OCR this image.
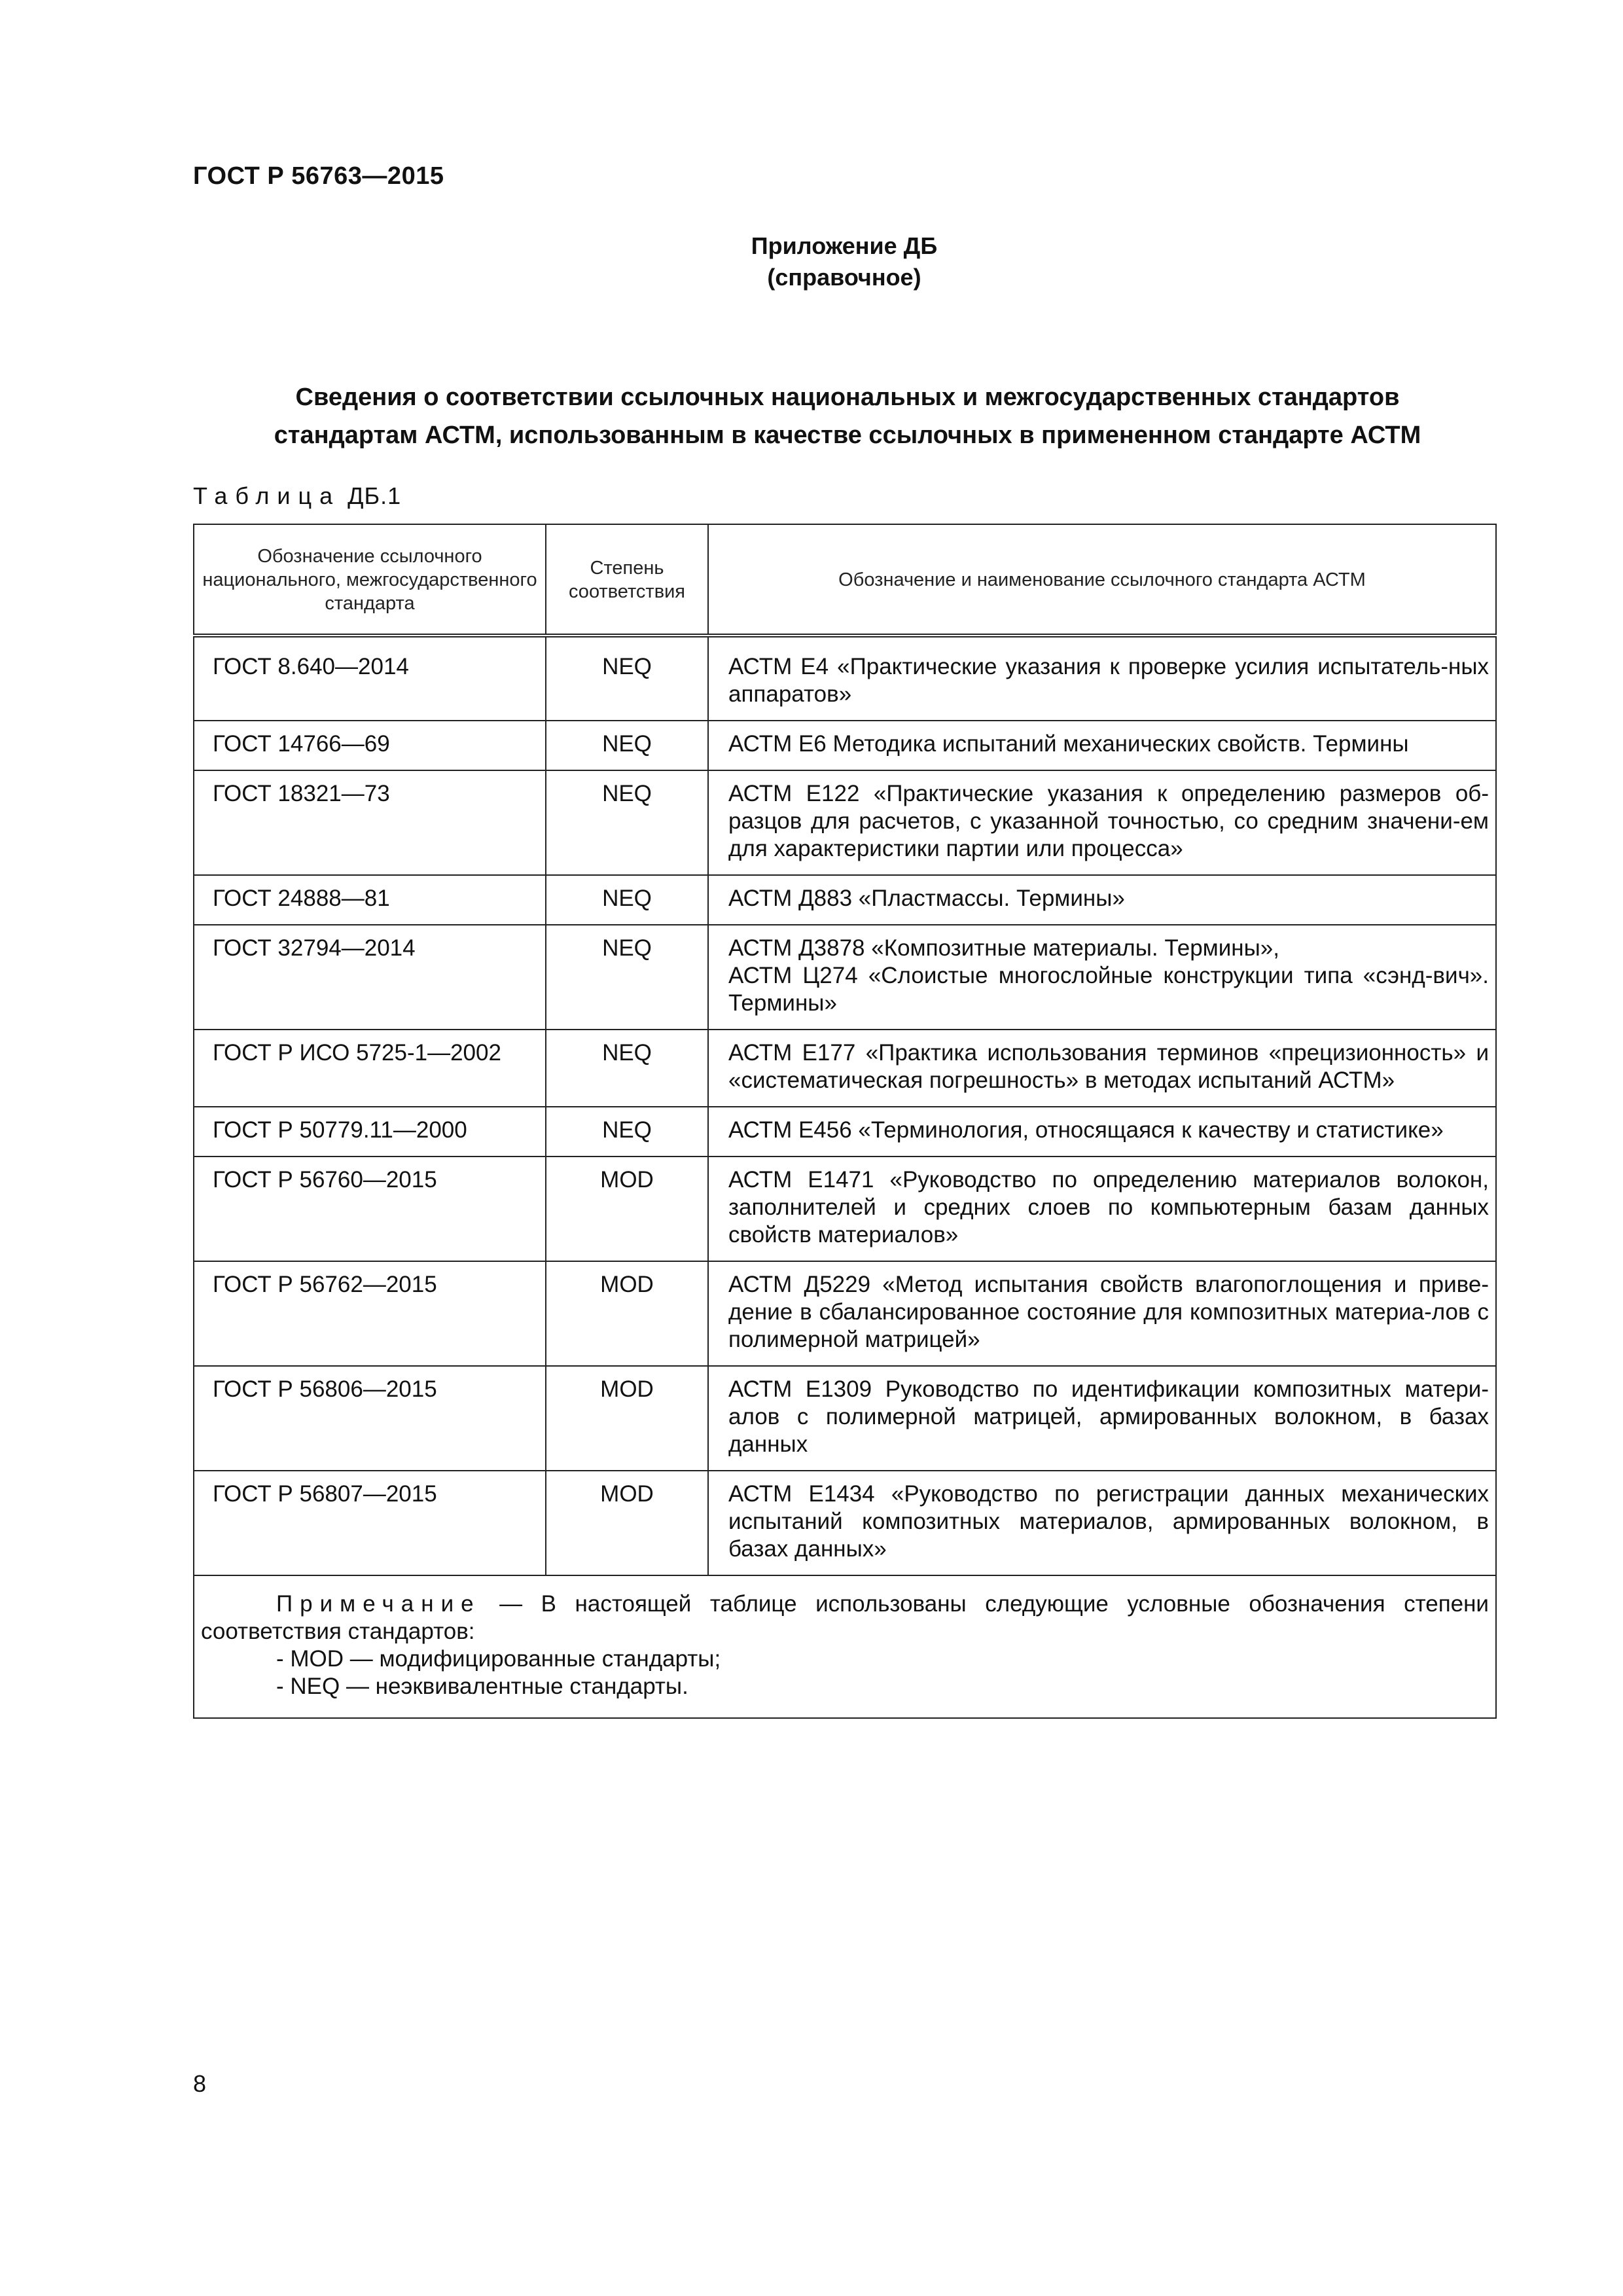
ГОСТ Р 56763—2015
Приложение ДБ
(справочное)
Сведения о соответствии ссылочных национальных и межгосударственных стандартов
стандартам АСТМ, использованным в качестве ссылочных в примененном стандарте АСТМ
Таблица ДБ.1
Обозначение ссылочного национального, межгосударственного стандарта	Степень соответствия	Обозначение и наименование ссылочного стандарта АСТМ
ГОСТ 8.640—2014	NEQ	АСТМ Е4 «Практические указания к проверке усилия испытатель-ных аппаратов»
ГОСТ 14766—69	NEQ	АСТМ Е6 Методика испытаний механических свойств. Термины
ГОСТ 18321—73	NEQ	АСТМ Е122 «Практические указания к определению размеров об-разцов для расчетов, с указанной точностью, со средним значени-ем для характеристики партии или процесса»
ГОСТ 24888—81	NEQ	АСТМ Д883 «Пластмассы. Термины»
ГОСТ 32794—2014	NEQ	АСТМ Д3878 «Композитные материалы. Термины»,
АСТМ Ц274 «Слоистые многослойные конструкции типа «сэнд-вич». Термины»

ГОСТ Р ИСО 5725-1—2002	NEQ	АСТМ Е177 «Практика использования терминов «прецизионность» и «систематическая погрешность» в методах испытаний АСТМ»
ГОСТ Р 50779.11—2000	NEQ	АСТМ Е456 «Терминология, относящаяся к качеству и статистике»
ГОСТ Р 56760—2015	MOD	АСТМ Е1471 «Руководство по определению материалов волокон, заполнителей и средних слоев по компьютерным базам данных свойств материалов»
ГОСТ Р 56762—2015	MOD	АСТМ Д5229 «Метод испытания свойств влагопоглощения и приве-дение в сбалансированное состояние для композитных материа-лов с полимерной матрицей»
ГОСТ Р 56806—2015	MOD	АСТМ Е1309 Руководство по идентификации композитных матери-алов с полимерной матрицей, армированных волокном, в базах данных
ГОСТ Р 56807—2015	MOD	АСТМ Е1434 «Руководство по регистрации данных механических испытаний композитных материалов, армированных волокном, в базах данных»
Примечание — В настоящей таблице использованы следующие условные обозначения степени соответствия стандартов:
- MOD — модифицированные стандарты;
- NEQ — неэквивалентные стандарты.		
8
